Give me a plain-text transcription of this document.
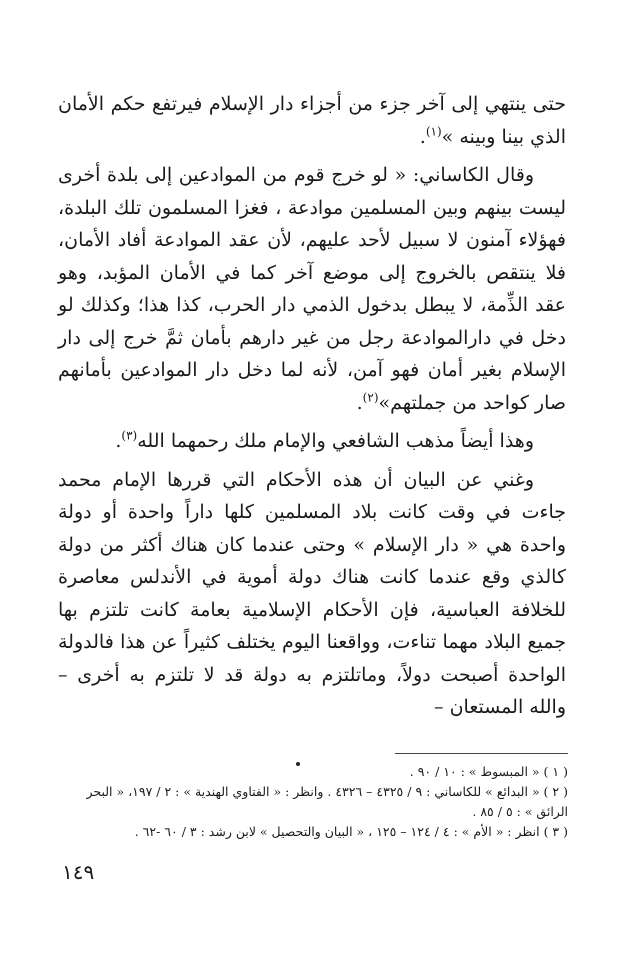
حتى ينتهي إلى آخر جزء من أجزاء دار الإسلام فيرتفع حكم الأمان الذي بينا وبينه »$^{(١)}$.

وقال الكاساني: « لو خرج قوم من الموادعين إلى بلدة أخرى ليست بينهم وبين المسلمين موادعة ، فغزا المسلمون تلك البلدة، فهؤلاء آمنون لا سبيل لأحد عليهم، لأن عقد الموادعة أفاد الأمان، فلا ينتقص بالخروج إلى موضع آخر كما في الأمان المؤبد، وهو عقد الذِّمة، لا يبطل بدخول الذمي دار الحرب، كذا هذا؛ وكذلك لو دخل في دارالموادعة رجل من غير دارهم بأمان ثمَّ خرج إلى دار الإسلام بغير أمان فهو آمن، لأنه لما دخل دار الموادعين بأمانهم صار كواحد من جملتهم»$^{(٢)}$.

وهذا أيضاً مذهب الشافعي والإمام ملك رحمهما الله$^{(٣)}$.

وغني عن البيان أن هذه الأحكام التي قررها الإمام محمد جاءت في وقت كانت بلاد المسلمين كلها داراً واحدة أو دولة واحدة هي « دار الإسلام » وحتى عندما كان هناك أكثر من دولة كالذي وقع عندما كانت هناك دولة أموية في الأندلس معاصرة للخلافة العباسية، فإن الأحكام الإسلامية بعامة كانت تلتزم بها جميع البلاد مهما تناءت، وواقعنا اليوم يختلف كثيراً عن هذا فالدولة الواحدة أصبحت دولاً، وماتلتزم به دولة قد لا تلتزم به أخرى – والله المستعان –

( ١ ) « المبسوط » : ١٠ / ٩٠ .

( ٢ ) « البدائع » للكاساني : ٩ / ٤٣٢٥ – ٤٣٢٦ . وانظر : « الفتاوي الهندية » : ٢ / ١٩٧، « البحر الرائق » : ٥ / ٨٥ .

( ٣ ) انظر : « الأم » : ٤ / ١٢٤ – ١٢٥ ، « البيان والتحصيل » لابن رشد : ٣ / ٦٠ -٦٢ .

١٤٩
